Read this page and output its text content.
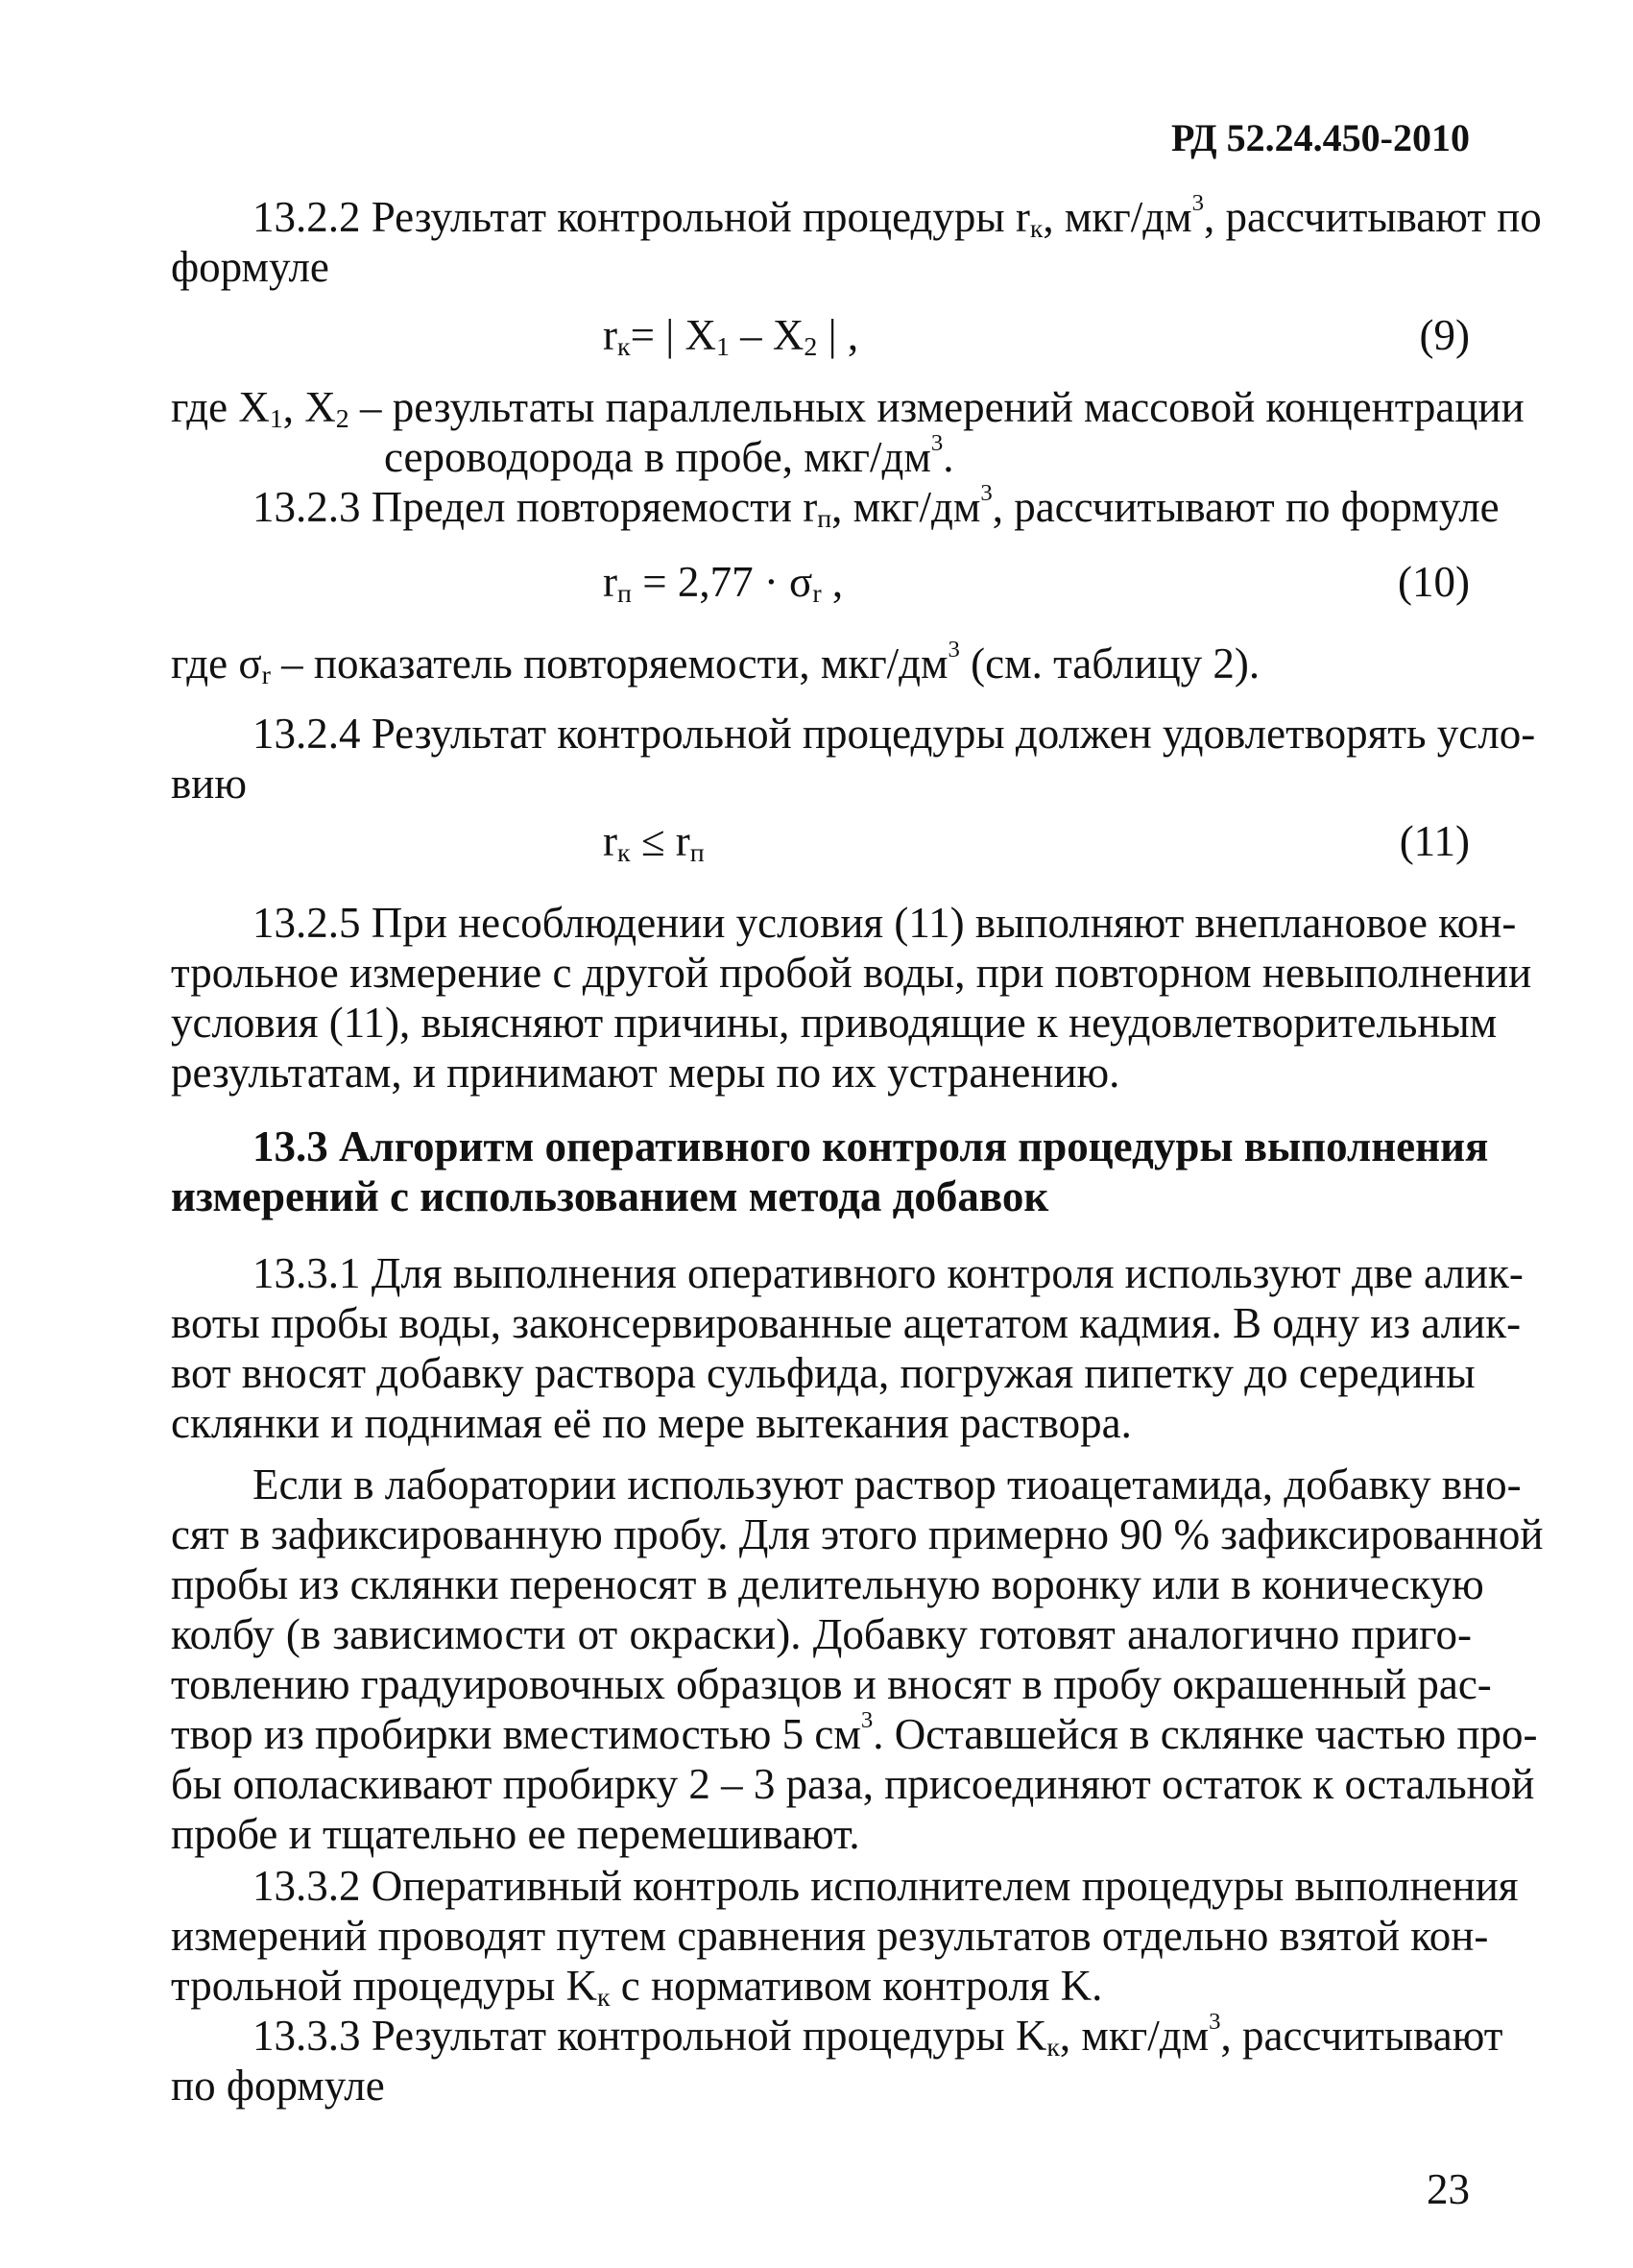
РД 52.24.450-2010
13.2.2 Результат контрольной процедуры $r_к$, мкг/$дм^3$, рассчитывают по
формуле
$r_к=$ | $X_1 - X_2$ | ,	(9)
где $X_1$, $X_2$ – результаты параллельных измерений массовой концентрации
сероводорода в пробе, мкг/$дм^3$.
13.2.3 Предел повторяемости $r_п$, мкг/$дм^3$, рассчитывают по формуле
$r_п = 2,77 \cdot \sigma_r$ ,	(10)
где $\sigma_r$ – показатель повторяемости, мкг/$дм^3$ (см. таблицу 2).
13.2.4 Результат контрольной процедуры должен удовлетворять усло-
вию
$r_к \le r_п$	(11)
13.2.5 При несоблюдении условия (11) выполняют внеплановое кон-
трольное измерение с другой пробой воды, при повторном невыполнении
условия (11), выясняют причины, приводящие к неудовлетворительным
результатам, и принимают меры по их устранению.
13.3 Алгоритм оперативного контроля процедуры выполнения
измерений с использованием метода добавок
13.3.1 Для выполнения оперативного контроля используют две алик-
воты пробы воды, законсервированные ацетатом кадмия. В одну из алик-
вот вносят добавку раствора сульфида, погружая пипетку до середины
склянки и поднимая её по мере вытекания раствора.
Если в лаборатории используют раствор тиоацетамида, добавку вно-
сят в зафиксированную пробу. Для этого примерно 90 % зафиксированной
пробы из склянки переносят в делительную воронку или в коническую
колбу (в зависимости от окраски). Добавку готовят аналогично приго-
товлению градуировочных образцов и вносят в пробу окрашенный рас-
твор из пробирки вместимостью 5 $см^3$ . Оставшейся в склянке частью про-
бы ополаскивают пробирку 2 – 3 раза, присоединяют остаток к остальной
пробе и тщательно ее перемешивают.
13.3.2 Оперативный контроль исполнителем процедуры выполнения
измерений проводят путем сравнения результатов отдельно взятой кон-
трольной процедуры $K_к$ с нормативом контроля K.
13.3.3 Результат контрольной процедуры $K_к$, мкг/$дм^3$ , рассчитывают
по формуле
23
